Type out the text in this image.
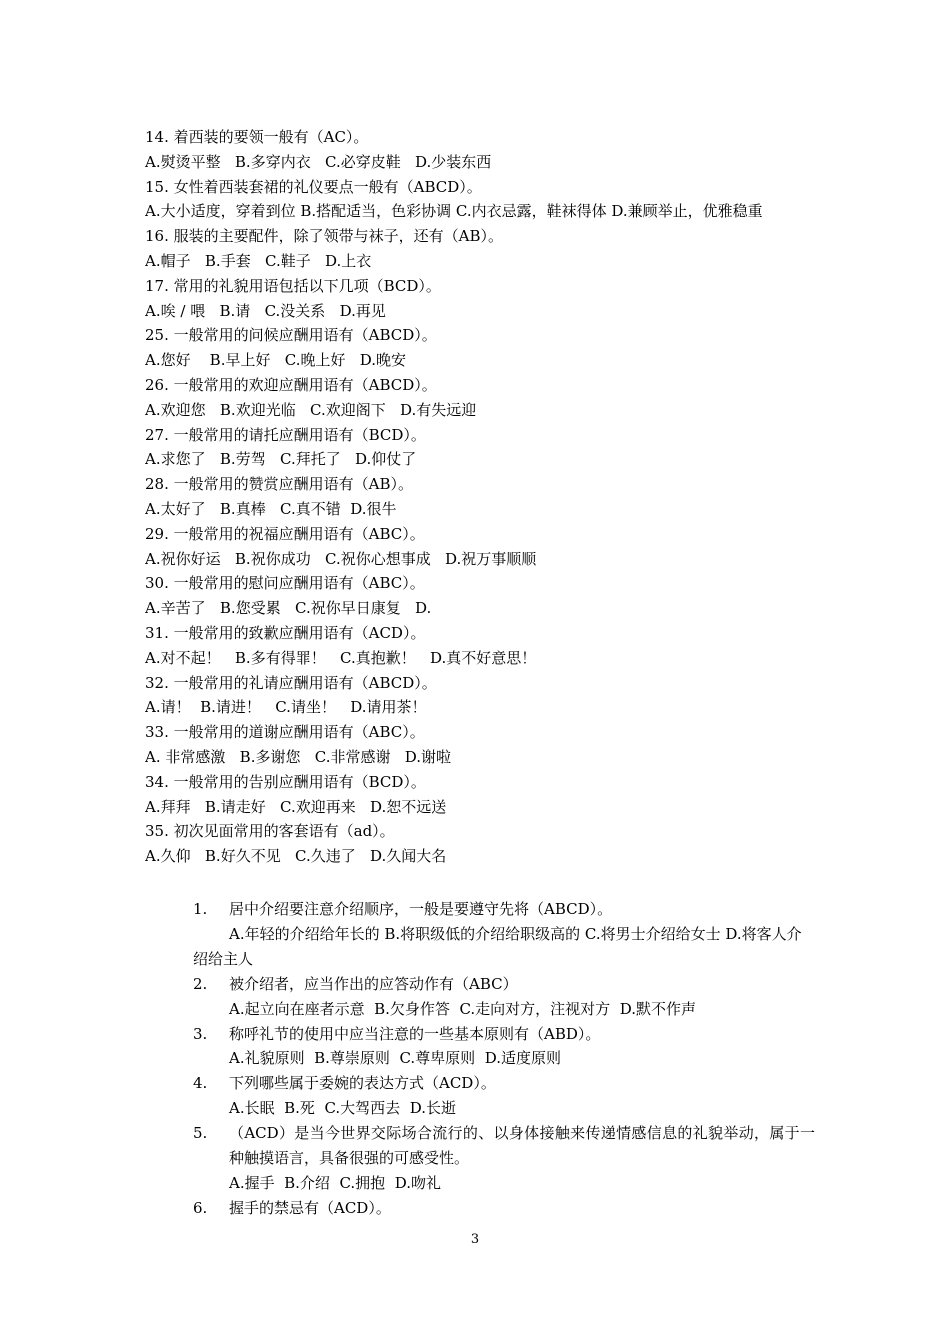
14. 着西装的要领一般有（AC）。
A.熨烫平整   B.多穿内衣   C.必穿皮鞋   D.少装东西
15. 女性着西装套裙的礼仪要点一般有（ABCD）。
A.大小适度，穿着到位 B.搭配适当，色彩协调 C.内衣忌露，鞋袜得体 D.兼顾举止，优雅稳重
16. 服装的主要配件，除了领带与袜子，还有（AB）。
A.帽子   B.手套   C.鞋子   D.上衣
17. 常用的礼貌用语包括以下几项（BCD）。
A.唉 / 喂   B.请   C.没关系   D.再见
25. 一般常用的问候应酬用语有（ABCD）。
A.您好    B.早上好   C.晚上好   D.晚安
26. 一般常用的欢迎应酬用语有（ABCD）。
A.欢迎您   B.欢迎光临   C.欢迎阁下   D.有失远迎
27. 一般常用的请托应酬用语有（BCD）。
A.求您了   B.劳驾   C.拜托了   D.仰仗了
28. 一般常用的赞赏应酬用语有（AB）。
A.太好了   B.真棒   C.真不错  D.很牛
29. 一般常用的祝福应酬用语有（ABC）。
A.祝你好运   B.祝你成功   C.祝你心想事成   D.祝万事顺顺
30. 一般常用的慰问应酬用语有（ABC）。
A.辛苦了   B.您受累   C.祝你早日康复   D.
31. 一般常用的致歉应酬用语有（ACD）。
A.对不起！   B.多有得罪！   C.真抱歉！   D.真不好意思！
32. 一般常用的礼请应酬用语有（ABCD）。
A.请！  B.请进！   C.请坐！   D.请用茶！
33. 一般常用的道谢应酬用语有（ABC）。
A. 非常感激   B.多谢您   C.非常感谢   D.谢啦
34. 一般常用的告别应酬用语有（BCD）。
A.拜拜   B.请走好   C.欢迎再来   D.恕不远送
35. 初次见面常用的客套语有（ad）。
A.久仰   B.好久不见   C.久违了   D.久闻大名
1. 居中介绍要注意介绍顺序，一般是要遵守先将（ABCD）。
A.年轻的介绍给年长的 B.将职级低的介绍给职级高的 C.将男士介绍给女士 D.将客人介绍给主人
2. 被介绍者，应当作出的应答动作有（ABC）
A.起立向在座者示意  B.欠身作答  C.走向对方，注视对方  D.默不作声
3. 称呼礼节的使用中应当注意的一些基本原则有（ABD）。
A.礼貌原则  B.尊崇原则  C.尊卑原则  D.适度原则
4. 下列哪些属于委婉的表达方式（ACD）。
A.长眠  B.死  C.大驾西去  D.长逝
5. （ACD）是当今世界交际场合流行的、以身体接触来传递情感信息的礼貌举动，属于一种触摸语言，具备很强的可感受性。
A.握手  B.介绍  C.拥抱  D.吻礼
6. 握手的禁忌有（ACD）。
3
